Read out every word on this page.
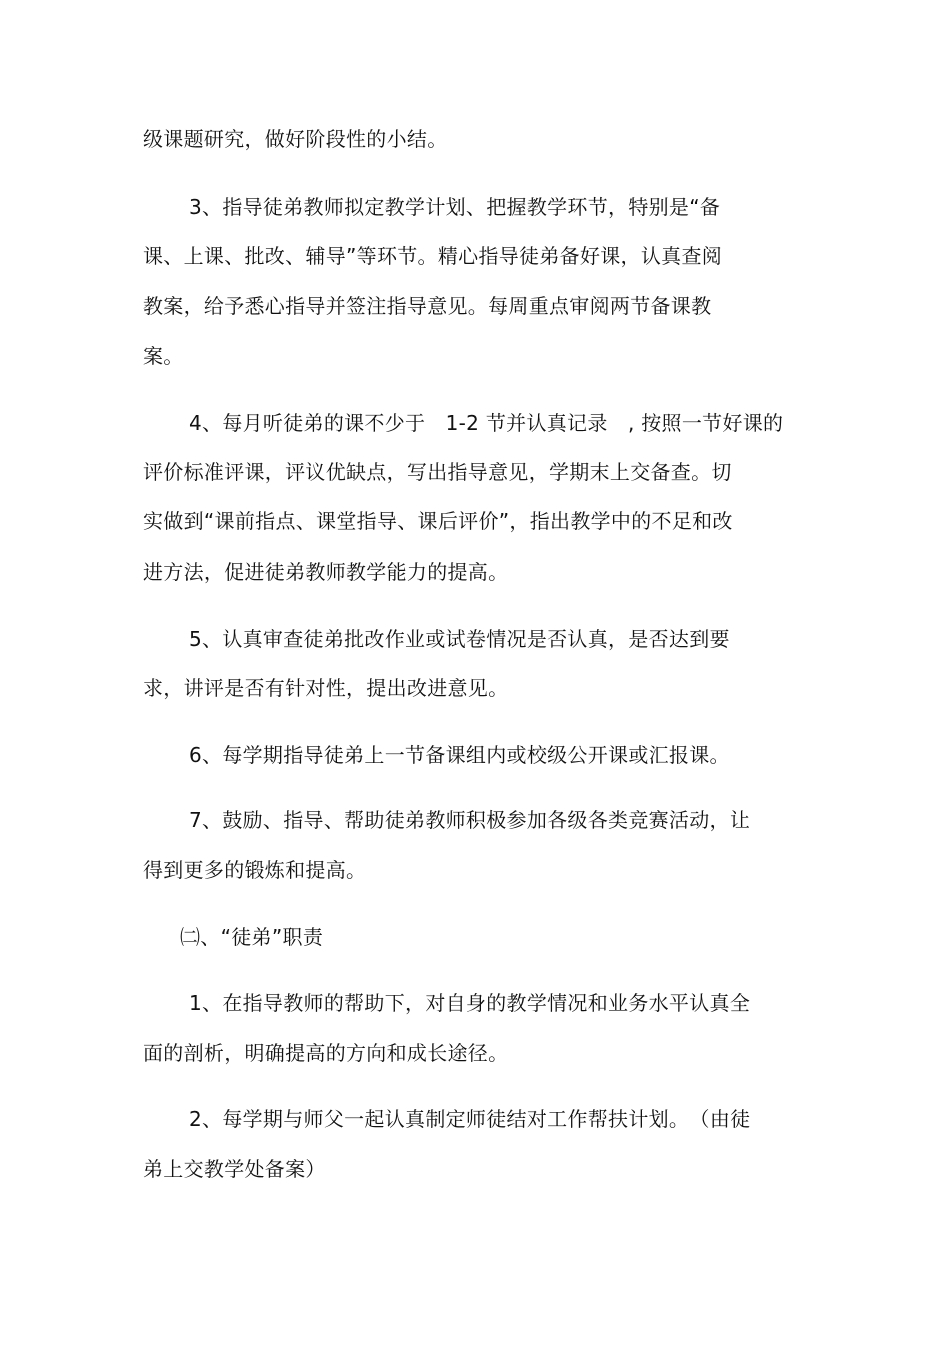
级课题研究，做好阶段性的小结。
3、指导徒弟教师拟定教学计划、把握教学环节，特别是“备
课、上课、批改、辅导”等环节。精心指导徒弟备好课，认真查阅
教案，给予悉心指导并签注指导意见。每周重点审阅两节备课教
案。
4、每月听徒弟的课不少于　1-2 节并认真记录　, 按照一节好课的
评价标准评课，评议优缺点，写出指导意见，学期末上交备查。切
实做到“课前指点、课堂指导、课后评价”，指出教学中的不足和改
进方法，促进徒弟教师教学能力的提高。
5、认真审查徒弟批改作业或试卷情况是否认真，是否达到要
求，讲评是否有针对性，提出改进意见。
6、每学期指导徒弟上一节备课组内或校级公开课或汇报课。
7、鼓励、指导、帮助徒弟教师积极参加各级各类竞赛活动，让
得到更多的锻炼和提高。
㈡、“徒弟”职责
1、在指导教师的帮助下，对自身的教学情况和业务水平认真全
面的剖析，明确提高的方向和成长途径。
2、每学期与师父一起认真制定师徒结对工作帮扶计划。　（由徒
弟上交教学处备案）
